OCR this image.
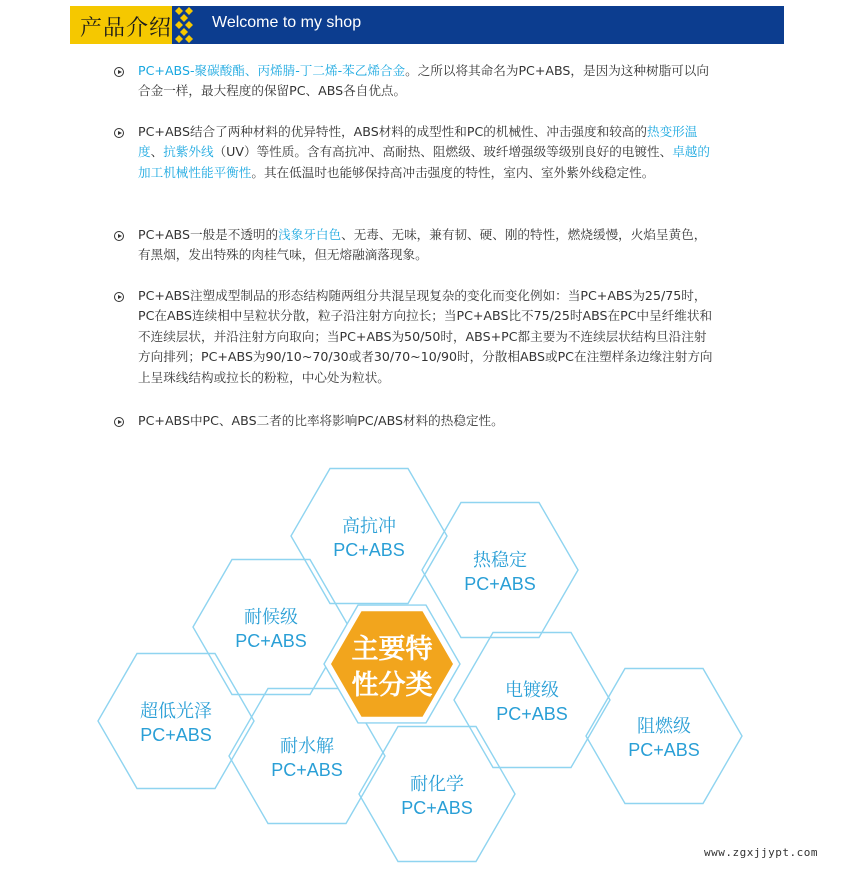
产品介绍 Welcome to my shop

PC+ABS-聚碳酸酯、丙烯腈-丁二烯-苯乙烯合金。之所以将其命名为PC+ABS，是因为这种树脂可以向合金一样，最大程度的保留PC、ABS各自优点。

PC+ABS结合了两种材料的优异特性，ABS材料的成型性和PC的机械性、冲击强度和较高的热变形温度、抗紫外线（UV）等性质。含有高抗冲、高耐热、阻燃级、玻纤增强级等级别良好的电镀性、卓越的加工机械性能平衡性。其在低温时也能够保持高冲击强度的特性，室内、室外紫外线稳定性。

PC+ABS一般是不透明的浅象牙白色、无毒、无味，兼有韧、硬、刚的特性，燃烧缓慢，火焰呈黄色，有黑烟，发出特殊的肉桂气味，但无熔融滴落现象。

PC+ABS注塑成型制品的形态结构随两组分共混呈现复杂的变化而变化例如：当PC+ABS为25/75时，PC在ABS连续相中呈粒状分散，粒子沿注射方向拉长；当PC+ABS比不75/25时ABS在PC中呈纤维状和不连续层状，并沿注射方向取向；当PC+ABS为50/50时，ABS+PC都主要为不连续层状结构旦沿注射方向排列；PC+ABS为90/10~70/30或者30/70~10/90时，分散相ABS或PC在注塑样条边缘注射方向上呈珠线结构或拉长的粉粒，中心处为粒状。

PC+ABS中PC、ABS二者的比率将影响PC/ABS材料的热稳定性。

高抗冲
PC+ABS	热稳定
PC+ABS
耐候级
PC+ABS
电镀级
PC+ABS
超低光泽
PC+ABS	阻燃级
PC+ABS
耐水解
PC+ABS
耐化学
PC+ABS
主要特
性分类
www.zgxjjypt.com
